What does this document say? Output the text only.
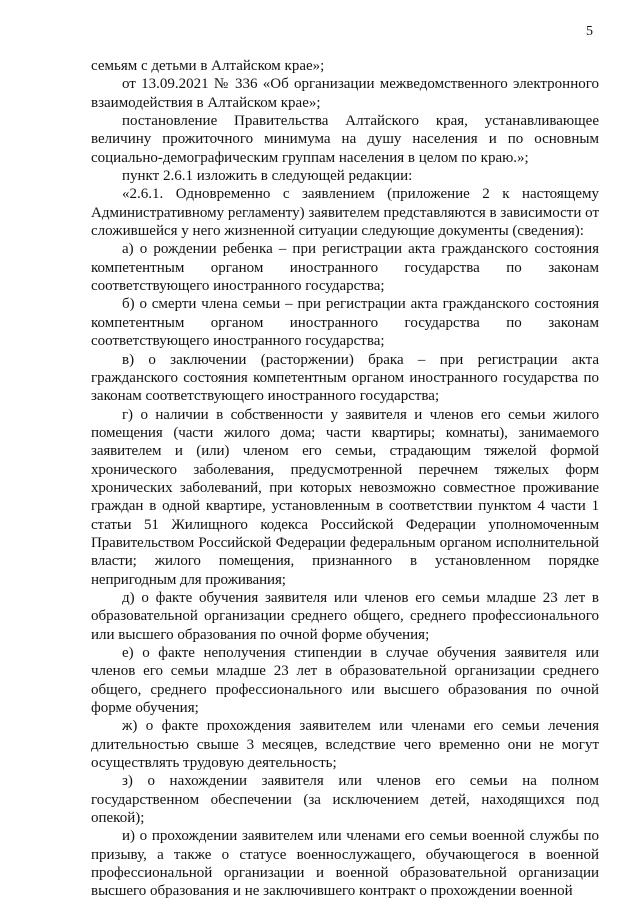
5

семьям с детьми в Алтайском крае»;

от 13.09.2021 № 336 «Об организации межведомственного электронного взаимодействия в Алтайском крае»;

постановление Правительства Алтайского края, устанавливающее величину прожиточного минимума на душу населения и по основным социально-демографическим группам населения в целом по краю.»;

пункт 2.6.1 изложить в следующей редакции:

«2.6.1. Одновременно с заявлением (приложение 2 к настоящему Административному регламенту) заявителем представляются в зависимости от сложившейся у него жизненной ситуации следующие документы (сведения):

а) о рождении ребенка – при регистрации акта гражданского состояния компетентным органом иностранного государства по законам соответствующего иностранного государства;

б) о смерти члена семьи – при регистрации акта гражданского состояния компетентным органом иностранного государства по законам соответствующего иностранного государства;

в) о заключении (расторжении) брака – при регистрации акта гражданского состояния компетентным органом иностранного государства по законам соответствующего иностранного государства;

г) о наличии в собственности у заявителя и членов его семьи жилого помещения (части жилого дома; части квартиры; комнаты), занимаемого заявителем и (или) членом его семьи, страдающим тяжелой формой хронического заболевания, предусмотренной перечнем тяжелых форм хронических заболеваний, при которых невозможно совместное проживание граждан в одной квартире, установленным в соответствии пунктом 4 части 1 статьи 51 Жилищного кодекса Российской Федерации уполномоченным Правительством Российской Федерации федеральным органом исполнительной власти; жилого помещения, признанного в установленном порядке непригодным для проживания;

д) о факте обучения заявителя или членов его семьи младше 23 лет в образовательной организации среднего общего, среднего профессионального или высшего образования по очной форме обучения;

е) о факте неполучения стипендии в случае обучения заявителя или членов его семьи младше 23 лет в образовательной организации среднего общего, среднего профессионального или высшего образования по очной форме обучения;

ж) о факте прохождения заявителем или членами его семьи лечения длительностью свыше 3 месяцев, вследствие чего временно они не могут осуществлять трудовую деятельность;

з) о нахождении заявителя или членов его семьи на полном государственном обеспечении (за исключением детей, находящихся под опекой);

и) о прохождении заявителем или членами его семьи военной службы по призыву, а также о статусе военнослужащего, обучающегося в военной профессиональной организации и военной образовательной организации высшего образования и не заключившего контракт о прохождении военной
